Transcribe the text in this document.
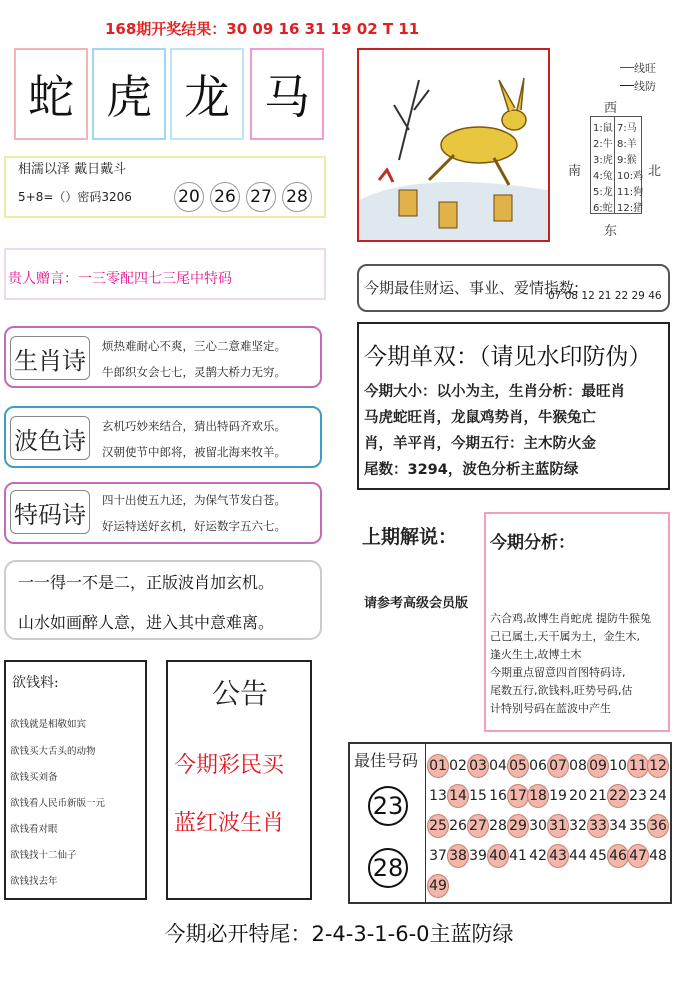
168期开奖结果：30 09 16 31 19 02 T 11
蛇 虎 龙 马
相濡以泽 戴日戴斗
5+8=（）密码3206	20 26 27 28
贵人赠言：一三零配四七三尾中特码
生肖诗
烦热难耐心不爽，三心二意难坚定。
牛郎织女会七七，灵鹊大桥力无穷。
波色诗
玄机巧妙来结合，猜出特码齐欢乐。
汉朝使节中郎将，被留北海来牧羊。
特码诗
四十出使五九还，为保气节发白苍。
好运特送好玄机，好运数字五六七。
一一得一不是二，正版波肖加玄机。
山水如画醉人意，进入其中意难离。
欲钱料:
欲钱就是相敬如宾
欲钱买大舌头的动物
欲钱买刘备
欲钱看人民币新版一元
欲钱看对眼
欲钱找十二仙子
欲钱找去年
公告
今期彩民买
蓝红波生肖
线旺
线防
西
南	北
东
1:鼠 7:马
2:牛 8:羊
3:虎 9:猴
4:兔 10:鸡
5:龙 11:狗
6:蛇 12:猪
今期最佳财运、事业、爱情指数:
07 08 12 21 22 29 46
今期单双：（请见水印防伪）
今期大小：以小为主，生肖分析：最旺肖
马虎蛇旺肖，龙鼠鸡势肖，牛猴兔亡
肖，羊平肖，今期五行：主木防火金
尾数：3294，波色分析主蓝防绿
上期解说：
请参考高级会员版
今期分析：
六合鸡,故博生肖蛇虎 提防牛猴兔
己已属土,天干属为土，金生木,
逢火生土,故博土木
今期重点留意四首图特码诗,
尾数五行,欲钱料,旺势号码,估
计特别号码在蓝波中产生
最佳号码
23
28
01 02 03 04 05 06 07 08 09 10 11 12
13 14 15 16 17 18 19 20 21 22 23 24
25 26 27 28 29 30 31 32 33 34 35 36
37 38 39 40 41 42 43 44 45 46 47 48
49
今期必开特尾：2-4-3-1-6-0主蓝防绿
